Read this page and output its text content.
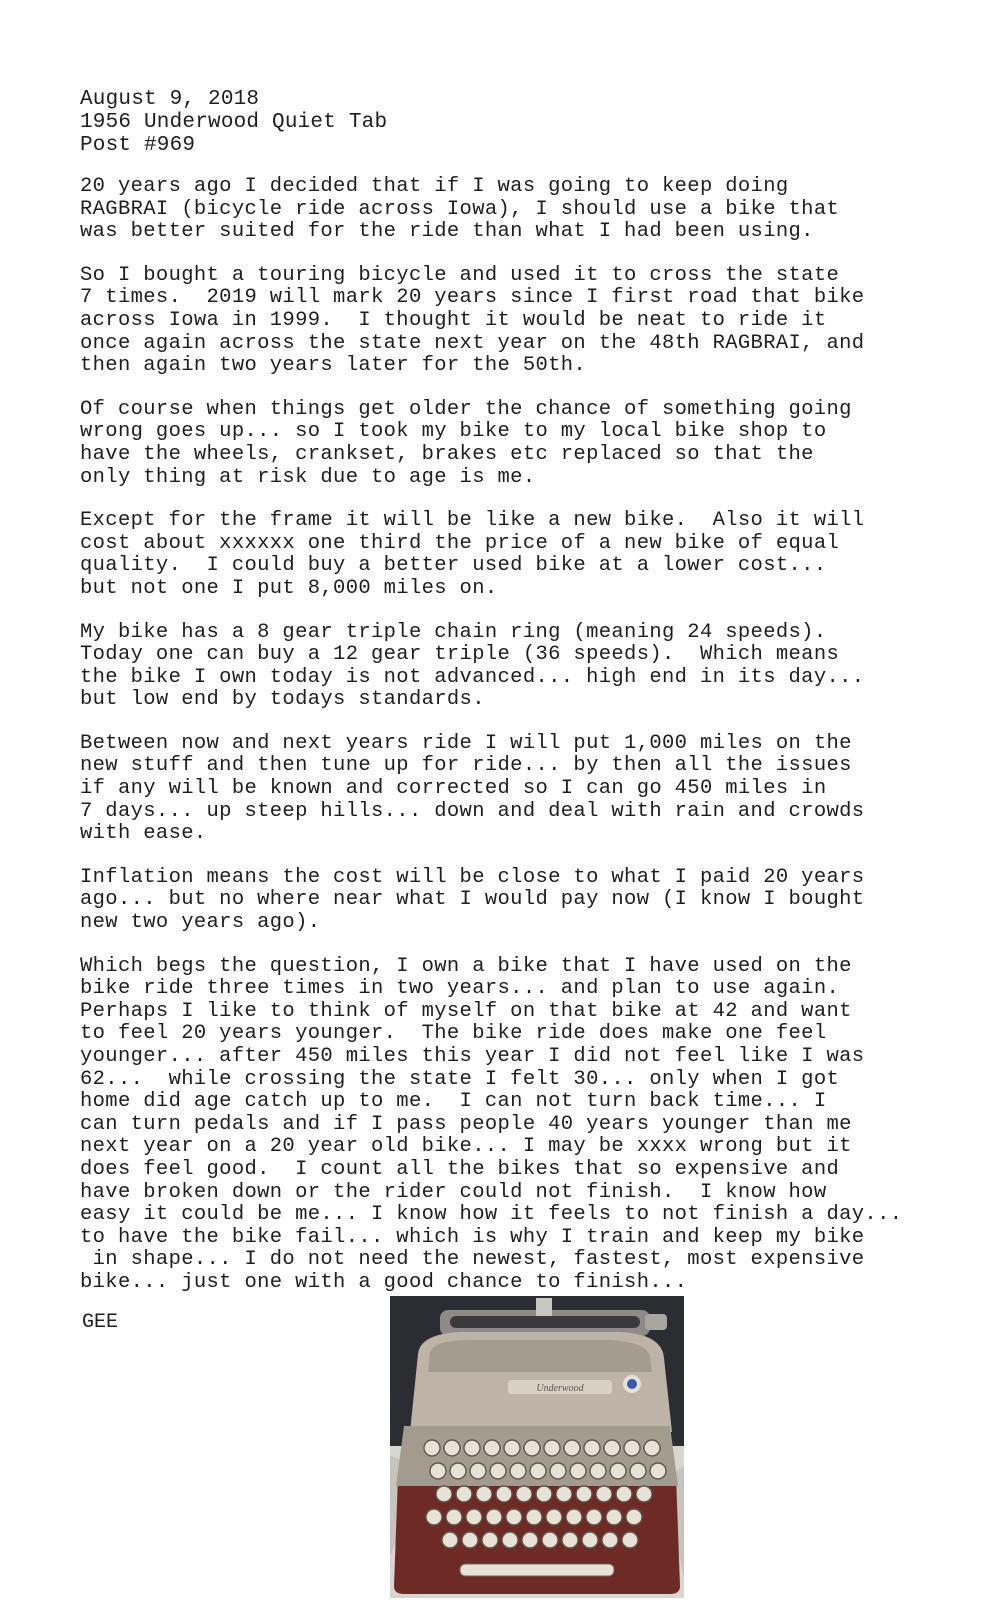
August 9, 2018
1956 Underwood Quiet Tab
Post #969
20 years ago I decided that if I was going to keep doing
RAGBRAI (bicycle ride across Iowa), I should use a bike that
was better suited for the ride than what I had been using.
So I bought a touring bicycle and used it to cross the state
7 times.  2019 will mark 20 years since I first road that bike
across Iowa in 1999.  I thought it would be neat to ride it
once again across the state next year on the 48th RAGBRAI, and
then again two years later for the 50th.
Of course when things get older the chance of something going
wrong goes up... so I took my bike to my local bike shop to
have the wheels, crankset, brakes etc replaced so that the
only thing at risk due to age is me.
Except for the frame it will be like a new bike.  Also it will
cost about xxxxxx one third the price of a new bike of equal
quality.  I could buy a better used bike at a lower cost...
but not one I put 8,000 miles on.
My bike has a 8 gear triple chain ring (meaning 24 speeds).
Today one can buy a 12 gear triple (36 speeds).  Which means
the bike I own today is not advanced... high end in its day...
but low end by todays standards.
Between now and next years ride I will put 1,000 miles on the
new stuff and then tune up for ride... by then all the issues
if any will be known and corrected so I can go 450 miles in
7 days... up steep hills... down and deal with rain and crowds
with ease.
Inflation means the cost will be close to what I paid 20 years
ago... but no where near what I would pay now (I know I bought
new two years ago).
Which begs the question, I own a bike that I have used on the
bike ride three times in two years... and plan to use again.
Perhaps I like to think of myself on that bike at 42 and want
to feel 20 years younger.  The bike ride does make one feel
younger... after 450 miles this year I did not feel like I was
62...  while crossing the state I felt 30... only when I got
home did age catch up to me.  I can not turn back time... I
can turn pedals and if I pass people 40 years younger than me
next year on a 20 year old bike... I may be xxxx wrong but it
does feel good.  I count all the bikes that so expensive and
have broken down or the rider could not finish.  I know how
easy it could be me... I know how it feels to not finish a day...
to have the bike fail... which is why I train and keep my bike
in shape... I do not need the newest, fastest, most expensive
bike... just one with a good chance to finish...
GEE
Underwood
